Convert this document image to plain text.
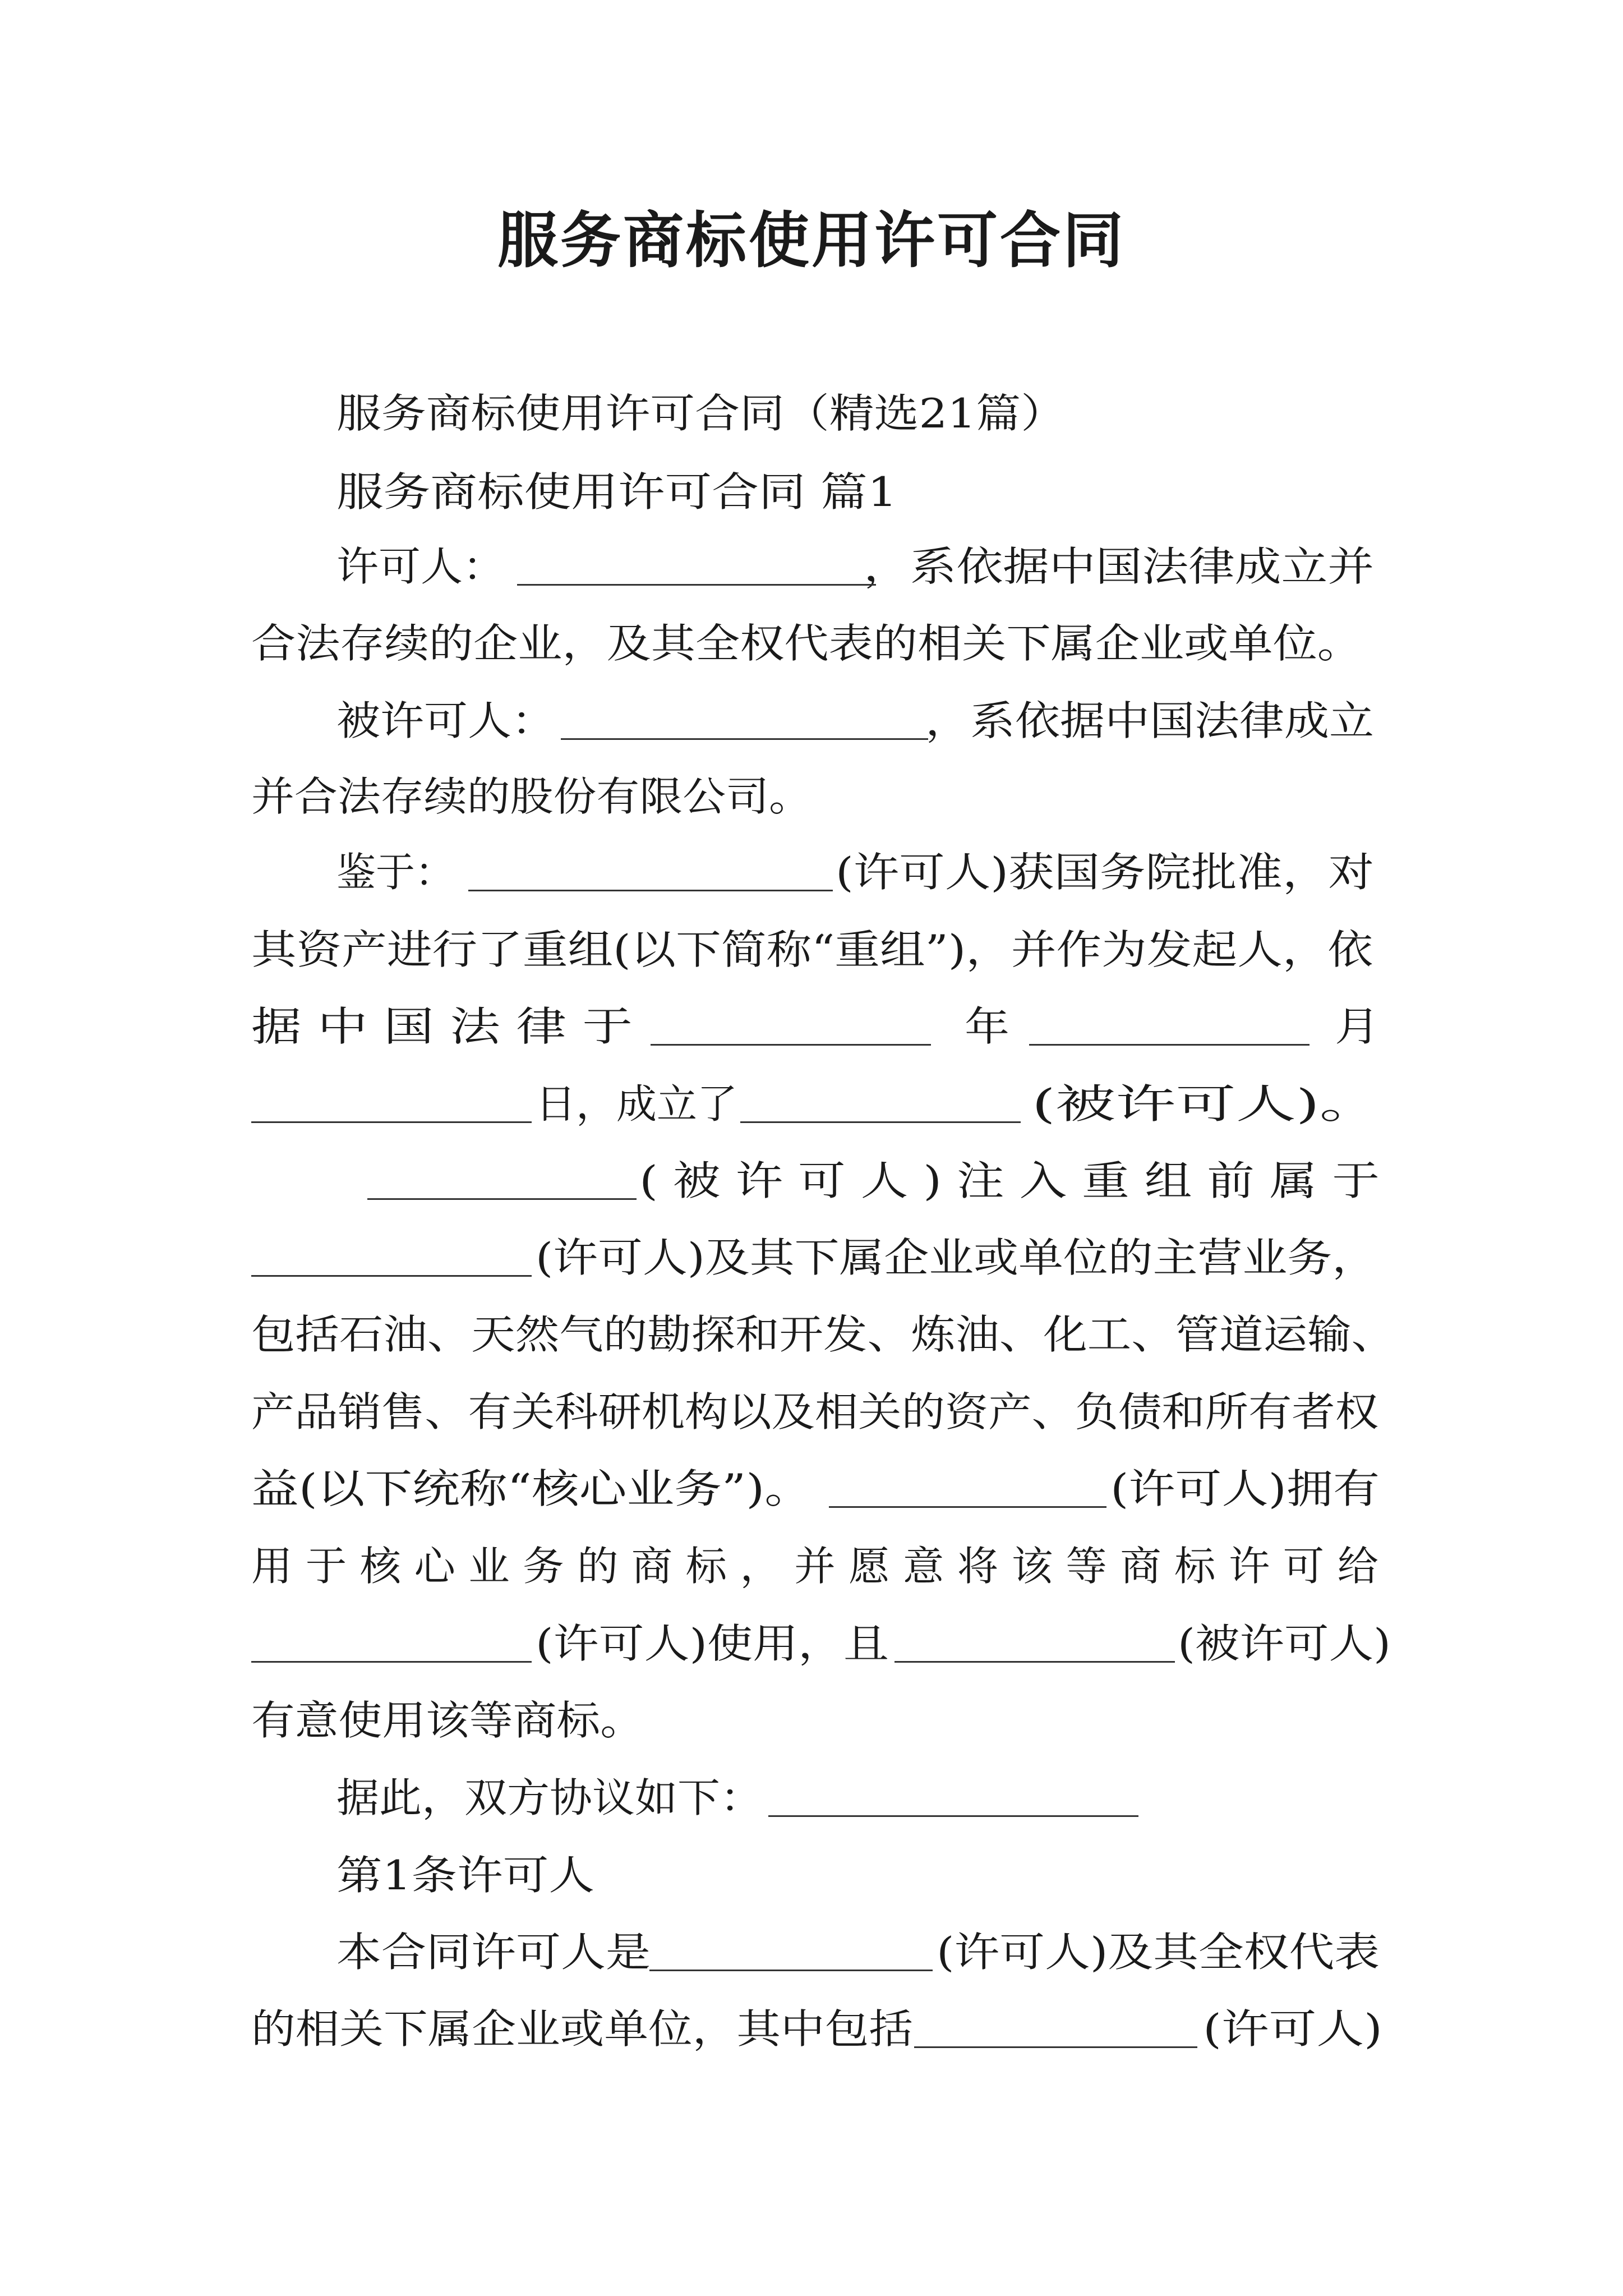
服务商标使用许可合同
服务商标使用许可合同（精选21篇）
服务商标使用许可合同 篇1
许可人：	，系依据中国法律成立并
合法存续的企业，及其全权代表的相关下属企业或单位。
被许可人：	，系依据中国法律成立
并合法存续的股份有限公司。
鉴于：	(许可人)获国务院批准，对
其资产进行了重组(以下简称“重组”)，并作为发起人，依
据 中 国 法 律 于	年	月
日，成立了	(被许可人)。
( 被 许 可 人 ) 注 入 重 组 前 属 于
(许可人)及其下属企业或单位的主营业务，
包括石油、天然气的勘探和开发、炼油、化工、管道运输、
产品销售、有关科研机构以及相关的资产、负债和所有者权
益(以下统称“核心业务”)。	(许可人)拥有
用 于 核 心 业 务 的 商 标 ， 并 愿 意 将 该 等 商 标 许 可 给
(许可人)使用，且	(被许可人)
有意使用该等商标。
据此，双方协议如下：
第1条许可人
本合同许可人是	(许可人)及其全权代表
的相关下属企业或单位，其中包括	(许可人)
